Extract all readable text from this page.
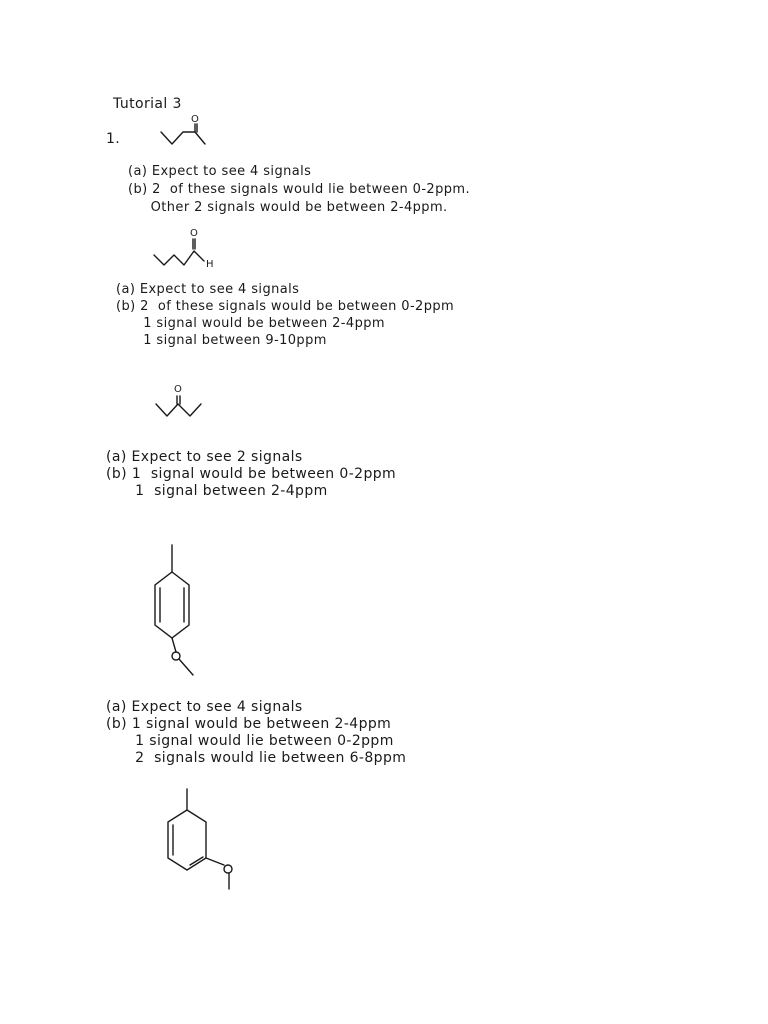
Tutorial 3
1.
O
(a) Expect to see 4 signals
(b) 2  of these signals would lie between 0-2ppm.
Other 2 signals would be between 2-4ppm.
O
H
(a) Expect to see 4 signals
(b) 2  of these signals would be between 0-2ppm
1 signal would be between 2-4ppm
1 signal between 9-10ppm
O
(a) Expect to see 2 signals
(b) 1  signal would be between 0-2ppm
1  signal between 2-4ppm
(a) Expect to see 4 signals
(b) 1 signal would be between 2-4ppm
1 signal would lie between 0-2ppm
2  signals would lie between 6-8ppm
